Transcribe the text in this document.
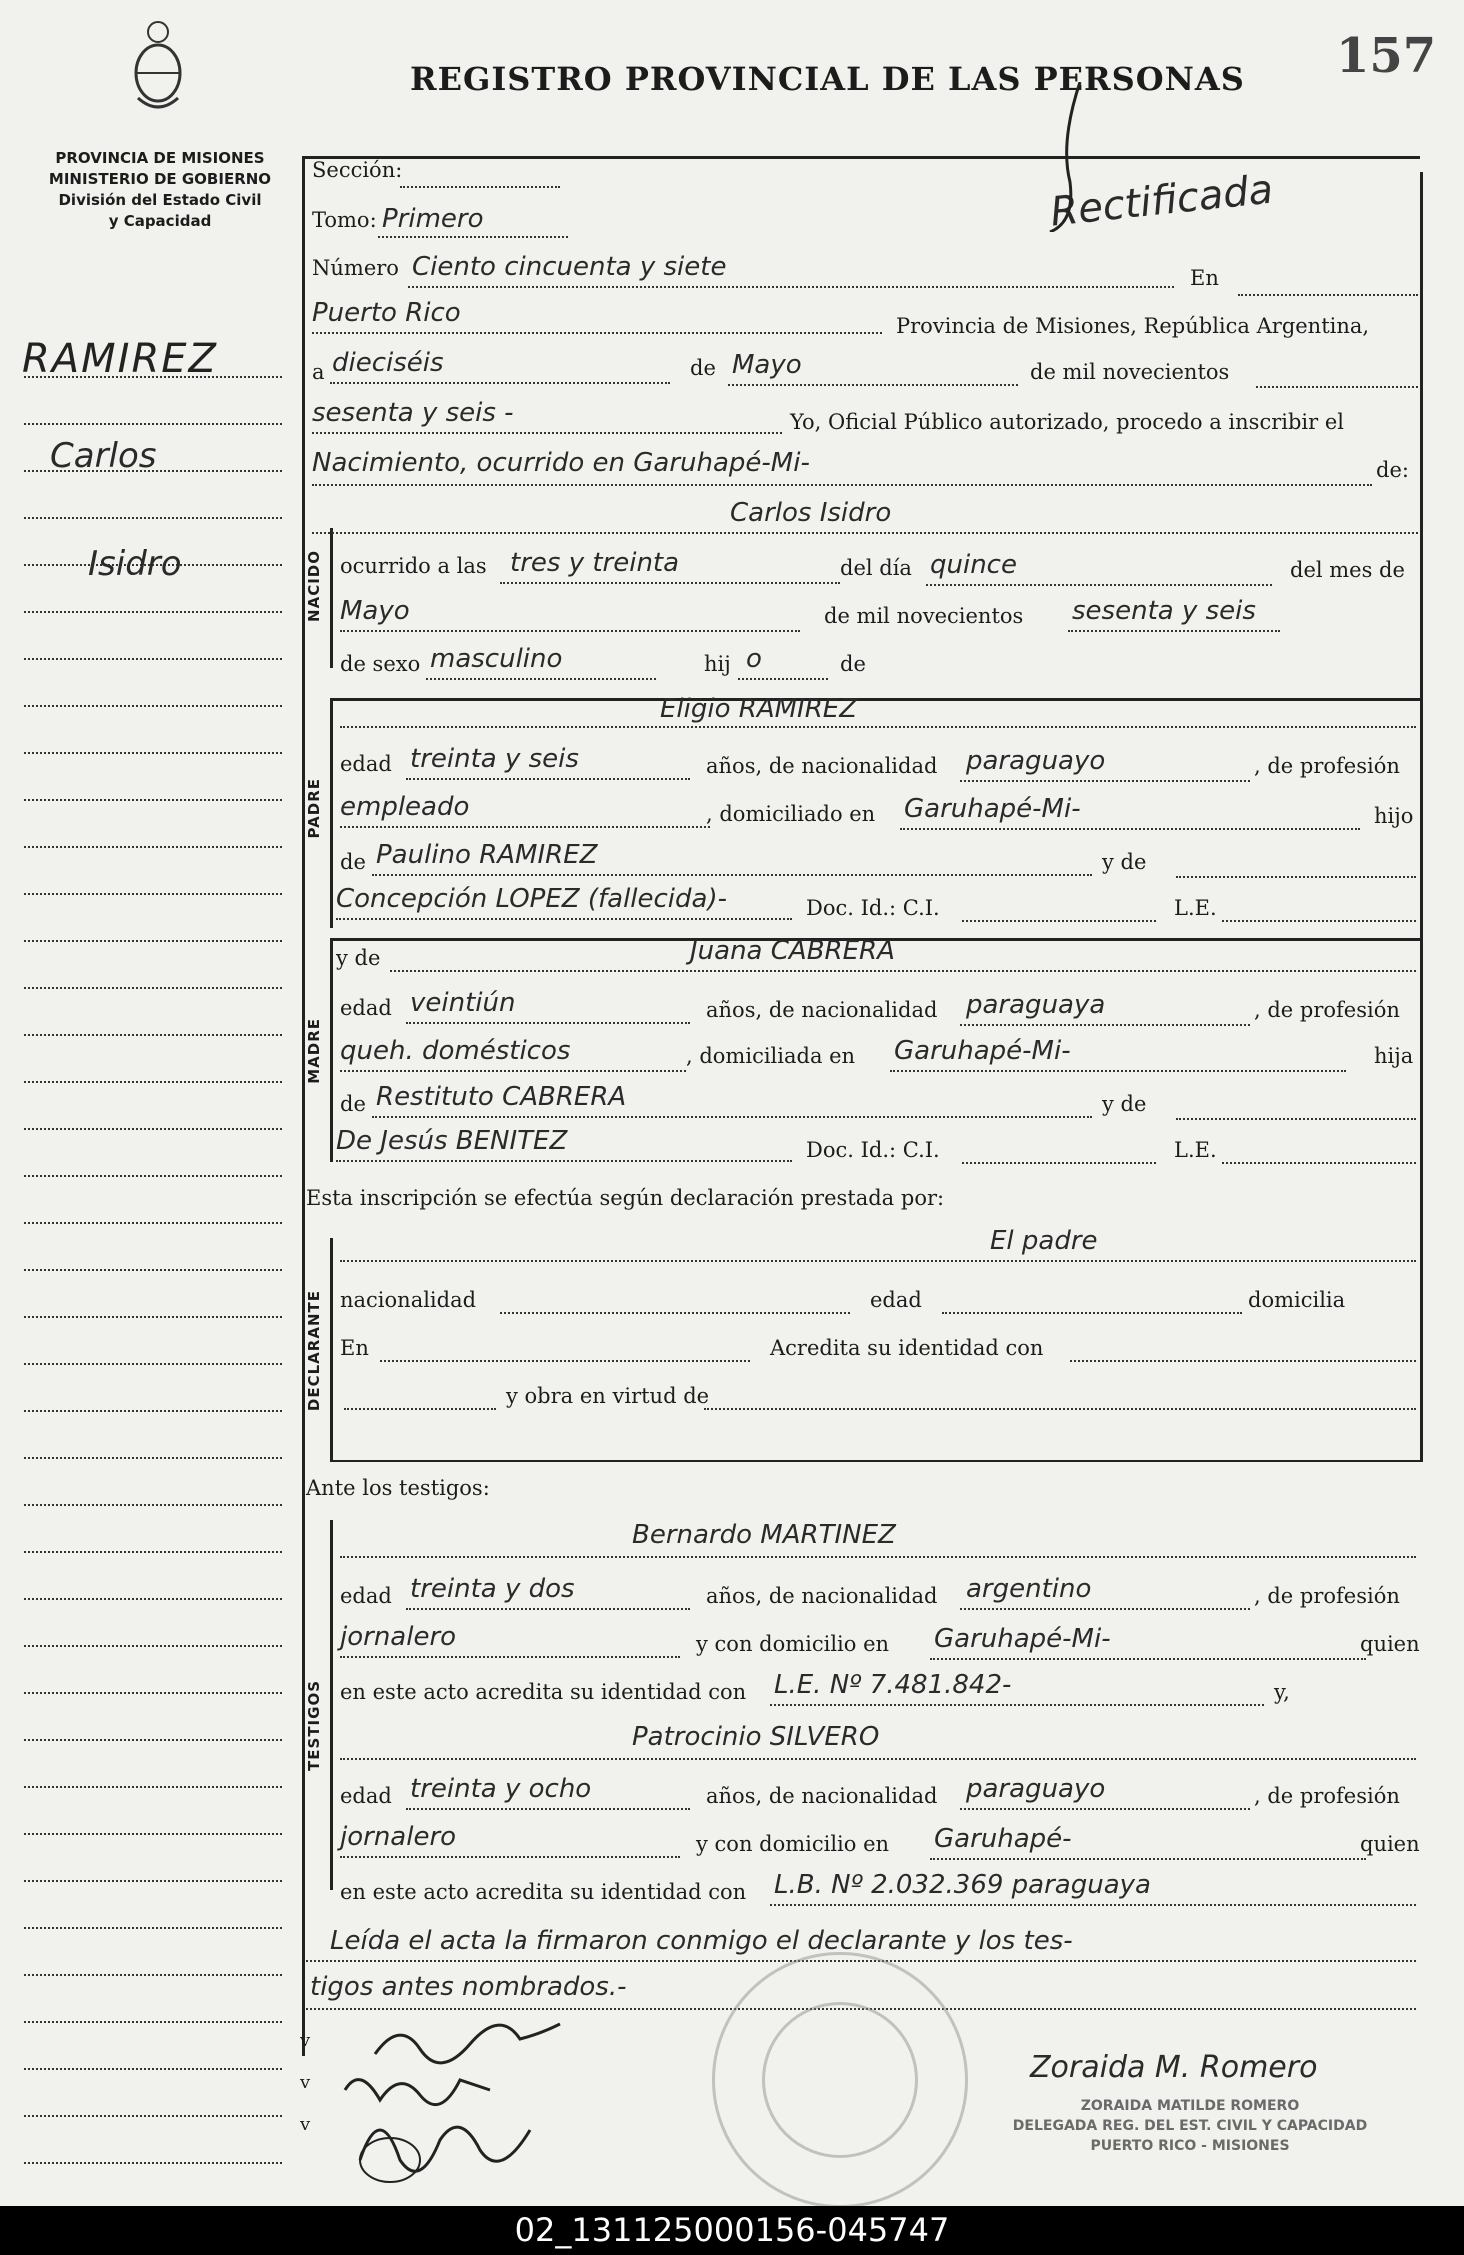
PROVINCIA DE MISIONES
MINISTERIO DE GOBIERNO
División del Estado Civil
y Capacidad
REGISTRO PROVINCIAL DE LAS PERSONAS 157
Rectificada
RAMIREZ
Carlos
Isidro	NACIDO
PADRE
MADRE
DECLARANTE
TESTIGOS
Sección:
Tomo: Primero
Número Ciento cincuenta y siete	En
Puerto Rico	Provincia de Misiones, República Argentina,
a dieciséis	de Mayo	de mil novecientos
sesenta y seis -	Yo, Oficial Público autorizado, procedo a inscribir el
Nacimiento, ocurrido en Garuhapé-Mi-	de:
Carlos Isidro
ocurrido a las tres y treinta	del día quince	del mes de
Mayo	de mil novecientos sesenta y seis
de sexo masculino	hij o	de
Eligio RAMIREZ
edad treinta y seis	años, de nacionalidad paraguayo	, de profesión
empleado	, domiciliado en Garuhapé-Mi-	hijo
de Paulino RAMIREZ	y de
Concepción LOPEZ (fallecida)-	Doc. Id.: C.I.	L.E.
y de	Juana CABRERA
edad veintiún	años, de nacionalidad paraguaya	, de profesión
queh. domésticos	, domiciliada en Garuhapé-Mi-	hija
de Restituto CABRERA	y de
De Jesús BENITEZ	Doc. Id.: C.I.	L.E.
Esta inscripción se efectúa según declaración prestada por:
El padre
nacionalidad	edad	domicilia
En	Acredita su identidad con
y obra en virtud de
Ante los testigos:
Bernardo MARTINEZ
edad treinta y dos	años, de nacionalidad argentino	, de profesión
jornalero	y con domicilio en Garuhapé-Mi-	quien
en este acto acredita su identidad con L.E. Nº 7.481.842-	y,
Patrocinio SILVERO
edad treinta y ocho	años, de nacionalidad paraguayo	, de profesión
jornalero	y con domicilio en Garuhapé-	quien
en este acto acredita su identidad con L.B. Nº 2.032.369 paraguaya
Leída el acta la firmaron conmigo el declarante y los tes-
tigos antes nombrados.-
Zoraida M. Romero
ZORAIDA MATILDE ROMERO
DELEGADA REG. DEL EST. CIVIL Y CAPACIDAD
PUERTO RICO - MISIONES
v
v
v
02_131125000156-045747
